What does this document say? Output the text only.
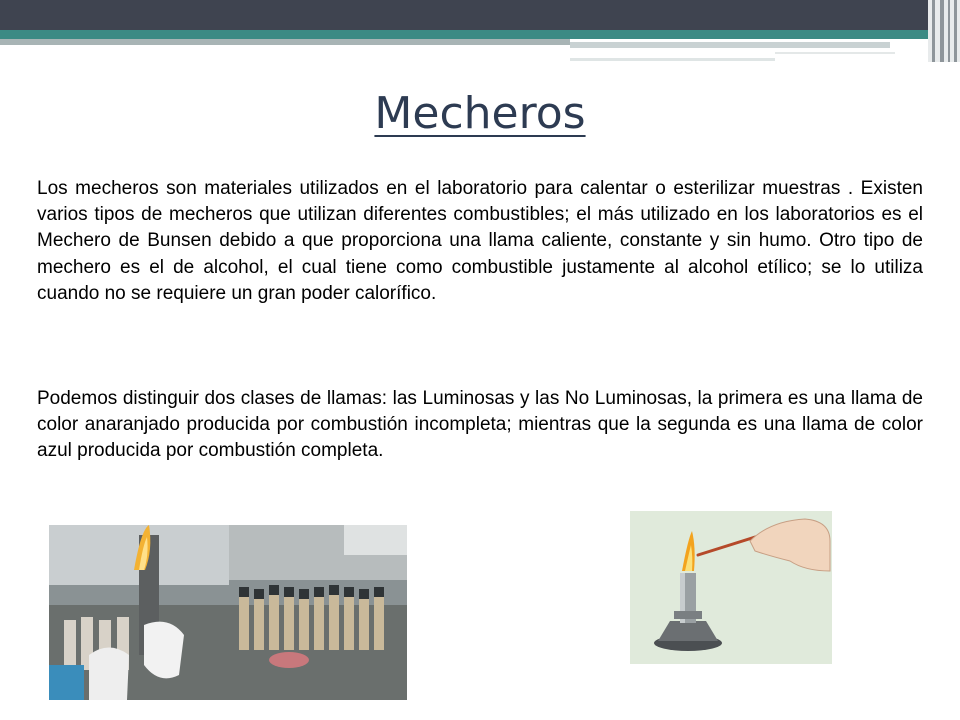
Mecheros

Los mecheros son materiales utilizados en el laboratorio para calentar o esterilizar muestras . Existen varios tipos de mecheros que utilizan diferentes combustibles; el más utilizado en los laboratorios es el Mechero de Bunsen debido a que proporciona una llama caliente, constante y sin humo. Otro tipo de mechero es el de alcohol, el cual tiene como combustible justamente al alcohol etílico; se lo utiliza cuando no se requiere un gran poder calorífico.

Podemos distinguir dos clases de llamas: las Luminosas y las No Luminosas, la primera es una llama de color anaranjado producida por combustión incompleta; mientras que la segunda es una llama de color azul producida por combustión completa.
